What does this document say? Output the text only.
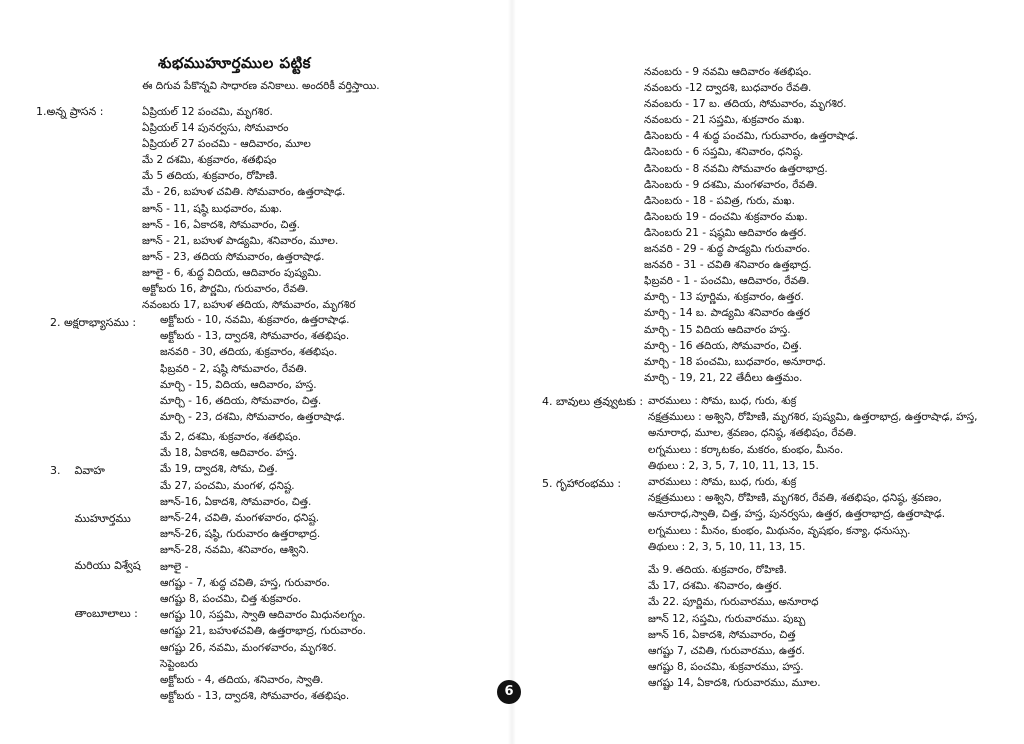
శుభముహూర్తముల పట్టిక
ఈ దిగువ పేకొన్నవి సాధారణ వనికాలు. అందరికీ వర్తిస్తాయి.
1.అన్న ప్రాసన :	ఏప్రియల్ 12 పంచమి, మృగశిర.
ఏప్రియల్ 14 పునర్వసు, సోమవారం
ఏప్రియల్ 27 పంచమి - ఆదివారం, మూల
మే 2 దశమి, శుక్రవారం, శతభిషం
మే 5 తదియ, శుక్రవారం, రోహిణి.
మే - 26, బహుళ చవితి. సోమవారం, ఉత్తరాషాఢ.
జూన్ - 11, షష్ఠి బుధవారం, మఖ.
జూన్ - 16, ఏకాదశి, సోమవారం, చిత్త.
జూన్ - 21, బహుళ పాడ్యమి, శనివారం, మూల.
జూన్ - 23, తదియ సోమవారం, ఉత్తరాషాఢ.
జూలై - 6, శుద్ధ విదియ, ఆదివారం పుష్యమి.
అక్టోబరు 16, పౌర్ణమి, గురువారం, రేవతి.
నవంబరు 17, బహుళ తదియ, సోమవారం, మృగశిర
2. అక్షరాభ్యాసము : అక్టోబరు - 10, నవమి, శుక్రవారం, ఉత్తరాషాఢ.
అక్టోబరు - 13, ద్వాదశి, సోమవారం, శతభిషం.
జనవరి - 30, తదియ, శుక్రవారం, శతభిషం.
ఫిబ్రవరి - 2, షష్ఠి సోమవారం, రేవతి.
మార్చి - 15, విదియ, ఆదివారం, హస్త.
మార్చి - 16, తదియ, సోమవారం, చిత్త.
మార్చి - 23, దశమి, సోమవారం, ఉత్తరాషాఢ.

3.    వివాహ

ముహూర్తము

మరియు విశ్వేష

తాంబూలాలు :

మే 2, దశమి, శుక్రవారం, శతభిషం.
మే 18, ఏకాదశి, ఆదివారం. హస్త.
మే 19, ద్వాదశి, సోమ, చిత్త.
మే 27, పంచమి, మంగళ, ధనిష్ట.
జూన్-16, ఏకాదశి, సోమవారం, చిత్త.
జూన్-24, చవితి, మంగళవారం, ధనిష్ట.
జూన్-26, షష్ఠి, గురువారం ఉత్తరాభాద్ర.
జూన్-28, నవమి, శనివారం, ఆశ్విని.
జూలై -
ఆగష్టు - 7, శుద్ధ చవితి, హస్త, గురువారం.
ఆగష్టు 8, పంచమి, చిత్త శుక్రవారం.
ఆగష్టు 10, సప్తమి, స్వాతి ఆదివారం మిధునలగ్నం.
ఆగష్టు 21, బహుళచవితి, ఉత్తరాభాద్ర, గురువారం.
ఆగష్టు 26, నవమి, మంగళవారం, మృగశిర.
సెప్టెంబరు
అక్టోబరు - 4, తదియ, శనివారం, స్వాతి.
అక్టోబరు - 13, ద్వాదశి, సోమవారం, శతభిషం.
నవంబరు - 9 నవమి ఆదివారం శతభిషం.
నవంబరు -12 ద్వాదశి, బుధవారం రేవతి.
నవంబరు - 17 బ. తదియ, సోమవారం, మృగశిర.
నవంబరు - 21 సప్తమి, శుక్రవారం మఖ.
డిసెంబరు - 4 శుద్ధ పంచమి, గురువారం, ఉత్తరాషాఢ.
డిసెంబరు - 6 సప్తమి, శనివారం, ధనిష్ఠ.
డిసెంబరు - 8 నవమి సోమవారం ఉత్తరాభాద్ర.
డిసెంబరు - 9 దశమి, మంగళవారం, రేవతి.
డిసెంబరు - 18 - పవిత్ర, గురు, మఖ.
డిసెంబరు 19 - దంచమి శుక్రవారం మఖ.
డిసెంబరు 21 - షష్ఠమి ఆదివారం ఉత్తర.
జనవరి - 29 - శుద్ధ పాడ్యమి గురువారం.
జనవరి - 31 - చవితి శనివారం ఉత్తభాద్ర.
ఫిబ్రవరి - 1 - పంచమి, ఆదివారం, రేవతి.
మార్చి - 13 పూర్ణిమ, శుక్రవారం, ఉత్తర.
మార్చి - 14 బ. పాడ్యమి శనివారం ఉత్తర
మార్చి - 15 విదియ ఆదివారం హస్త.
మార్చి - 16 తదియ, సోమవారం, చిత్త.
మార్చి - 18 పంచమి, బుధవారం, అనూరాధ.
మార్చి - 19, 21, 22 తేదీలు ఉత్తమం.
4. బావులు త్రవ్వుటకు : వారములు : సోమ, బుధ, గురు, శుక్ర
నక్షత్రములు : అశ్విని, రోహిణి, మృగశిర, పుష్యమి, ఉత్తరాభాద్ర, ఉత్తరాషాఢ, హస్త,
అనూరాధ, మూల, శ్రవణం, ధనిష్ఠ, శతభిషం, రేవతి.
లగ్నములు : కర్కాటకం, మకరం, కుంభం, మీనం.
తిథులు : 2, 3, 5, 7, 10, 11, 13, 15.
5. గృహారంభము :	వారములు : సోమ, బుధ, గురు, శుక్ర
నక్షత్రములు : అశ్విని, రోహిణి, మృగశిర, రేవతి, శతభిషం, ధనిష్ఠ, శ్రవణం,
అనూరాధ,స్వాతి, చిత్త, హస్త, పునర్వసు, ఉత్తర, ఉత్తరాభాద్ర, ఉత్తరాషాఢ.
లగ్నములు : మీనం, కుంభం, మిథునం, వృషభం, కన్యా, ధనుస్సు.
తిథులు : 2, 3, 5, 10, 11, 13, 15.
మే 9. తదియ. శుక్రవారం, రోహిణి.
మే 17, దశమి. శనివారం, ఉత్తర.
మే 22. పూర్ణిమ, గురువారము, అనూరాధ
జూన్ 12, సప్తమి, గురువారము. పుబ్బ
జూన్ 16, ఏకాదశి, సోమవారం, చిత్త
ఆగష్టు 7, చవితి, గురువారము, ఉత్తర.
ఆగష్టు 8, పంచమి, శుక్రవారము, హస్త.
ఆగష్టు 14, ఏకాదశి, గురువారము, మూల.
6
